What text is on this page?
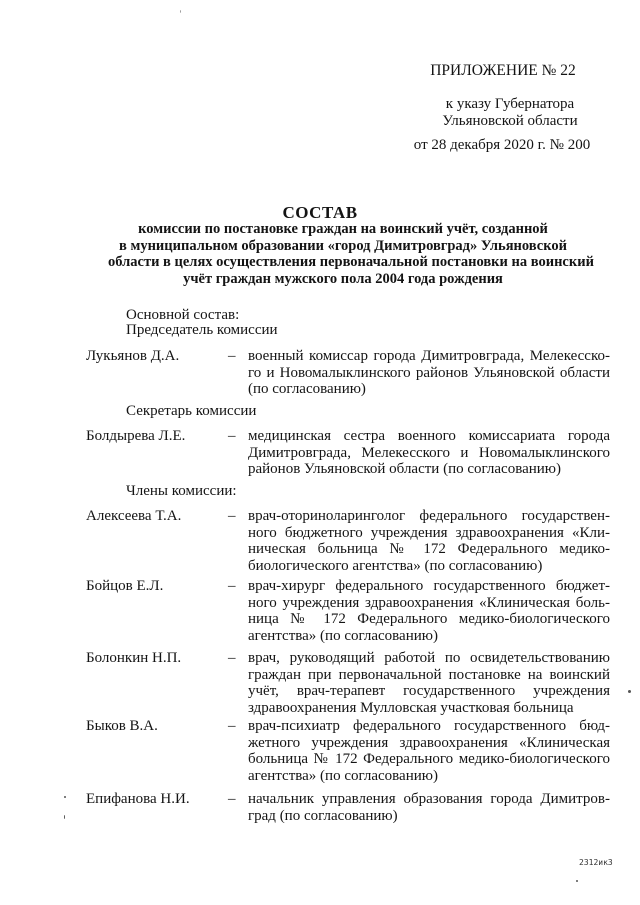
ПРИЛОЖЕНИЕ № 22
к указу Губернатора
Ульяновской области
от 28 декабря 2020 г. № 200
СОСТАВ
комиссии по постановке граждан на воинский учёт, созданной
в муниципальном образовании «город Димитровград» Ульяновской
области в целях осуществления первоначальной постановки на воинский
учёт граждан мужского пола 2004 года рождения
Основной состав:
Председатель комиссии
Лукьянов Д.А.	– военный комиссар города Димитровграда, Мелекесско-
го и Новомалыклинского районов Ульяновской области
(по согласованию)
Секретарь комиссии
Болдырева Л.Е.	– медицинская сестра военного комиссариата города
Димитровграда, Мелекесского и Новомалыклинского
районов Ульяновской области (по согласованию)
Члены комиссии:
Алексеева Т.А.	– врач-оториноларинголог федерального государствен-
ного бюджетного учреждения здравоохранения «Кли-
ническая больница № 172 Федерального медико-
биологического агентства» (по согласованию)
Бойцов Е.Л.	– врач-хирург федерального государственного бюджет-
ного учреждения здравоохранения «Клиническая боль-
ница № 172 Федерального медико-биологического
агентства» (по согласованию)
Болонкин Н.П.	– врач, руководящий работой по освидетельствованию
граждан при первоначальной постановке на воинский
учёт, врач-терапевт государственного учреждения
здравоохранения Мулловская участковая больница
Быков В.А.	– врач-психиатр федерального государственного бюд-
жетного учреждения здравоохранения «Клиническая
больница № 172 Федерального медико-биологического
агентства» (по согласованию)
Епифанова Н.И.	– начальник управления образования города Димитров-
град (по согласованию)
2312ик3
